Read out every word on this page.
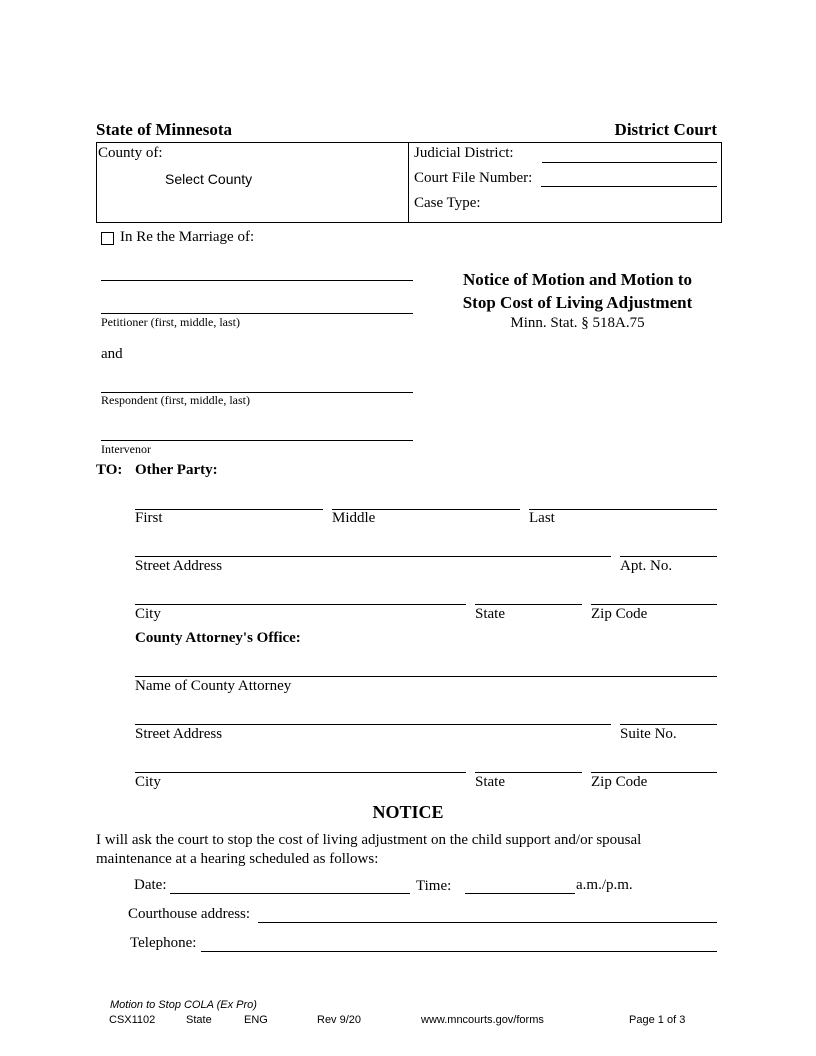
State of Minnesota	District Court
County of:
Select County
Judicial District:
Court File Number:
Case Type:
In Re the Marriage of:
Petitioner (first, middle, last)
and
Respondent (first, middle, last)
Intervenor
Notice of Motion and Motion to
Stop Cost of Living Adjustment
Minn. Stat. § 518A.75
TO: Other Party:
First	Middle	Last
Street Address	Apt. No.
City	State	Zip Code
County Attorney's Office:
Name of County Attorney
Street Address	Suite No.
City	State	Zip Code
NOTICE
I will ask the court to stop the cost of living adjustment on the child support and/or spousal
maintenance at a hearing scheduled as follows:
Date:	Time:	a.m./p.m.
Courthouse address:
Telephone:
Motion to Stop COLA (Ex Pro)
CSX1102	State	ENG	Rev 9/20	www.mncourts.gov/forms	Page 1 of 3
